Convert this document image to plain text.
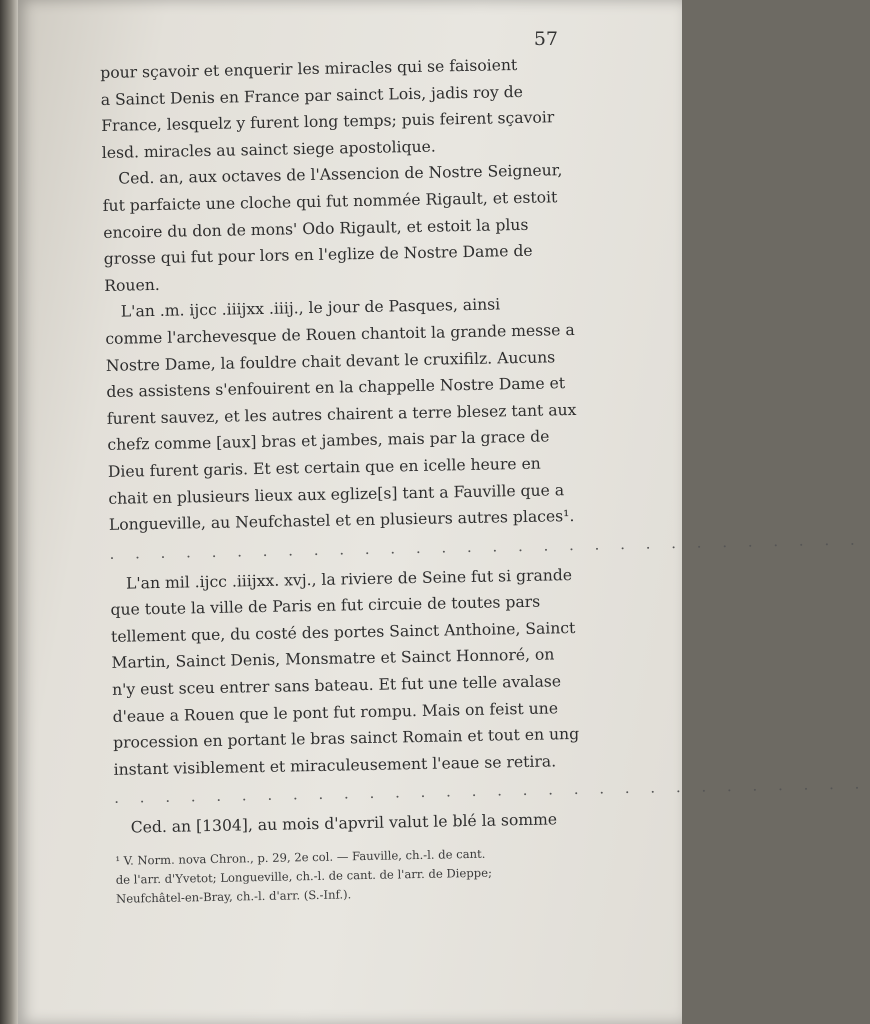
57

pour sçavoir et enquerir les miracles qui se faisoient
a Sainct Denis en France par sainct Lois, jadis roy de
France, lesquelz y furent long temps; puis feirent sçavoir
lesd. miracles au sainct siege apostolique.

Ced. an, aux octaves de l'Assencion de Nostre Seigneur,
fut parfaicte une cloche qui fut nommée Rigault, et estoit
encoire du don de mons' Odo Rigault, et estoit la plus
grosse qui fut pour lors en l'eglize de Nostre Dame de
Rouen.

L'an .m. ijcc .iiijxx .iiij., le jour de Pasques, ainsi
comme l'archevesque de Rouen chantoit la grande messe a
Nostre Dame, la fouldre chait devant le cruxifilz. Aucuns
des assistens s'enfouirent en la chappelle Nostre Dame et
furent sauvez, et les autres chairent a terre blesez tant aux
chefz comme [aux] bras et jambes, mais par la grace de
Dieu furent garis. Et est certain que en icelle heure en
chait en plusieurs lieux aux eglize[s] tant a Fauville que a
Longueville, au Neufchastel et en plusieurs autres places¹.

. . . . . . . . . . . . . . . . . . . . . . . . . . . . . .

L'an mil .ijcc .iiijxx. xvj., la riviere de Seine fut si grande
que toute la ville de Paris en fut circuie de toutes pars
tellement que, du costé des portes Sainct Anthoine, Sainct
Martin, Sainct Denis, Monsmatre et Sainct Honnoré, on
n'y eust sceu entrer sans bateau. Et fut une telle avalase
d'eaue a Rouen que le pont fut rompu. Mais on feist une
procession en portant le bras sainct Romain et tout en ung
instant visiblement et miraculeusement l'eaue se retira.

. . . . . . . . . . . . . . . . . . . . . . . . . . . . . .

Ced. an [1304], au mois d'apvril valut le blé la somme

¹ V. Norm. nova Chron., p. 29, 2e col. — Fauville, ch.-l. de cant.
de l'arr. d'Yvetot; Longueville, ch.-l. de cant. de l'arr. de Dieppe;
Neufchâtel-en-Bray, ch.-l. d'arr. (S.-Inf.).
